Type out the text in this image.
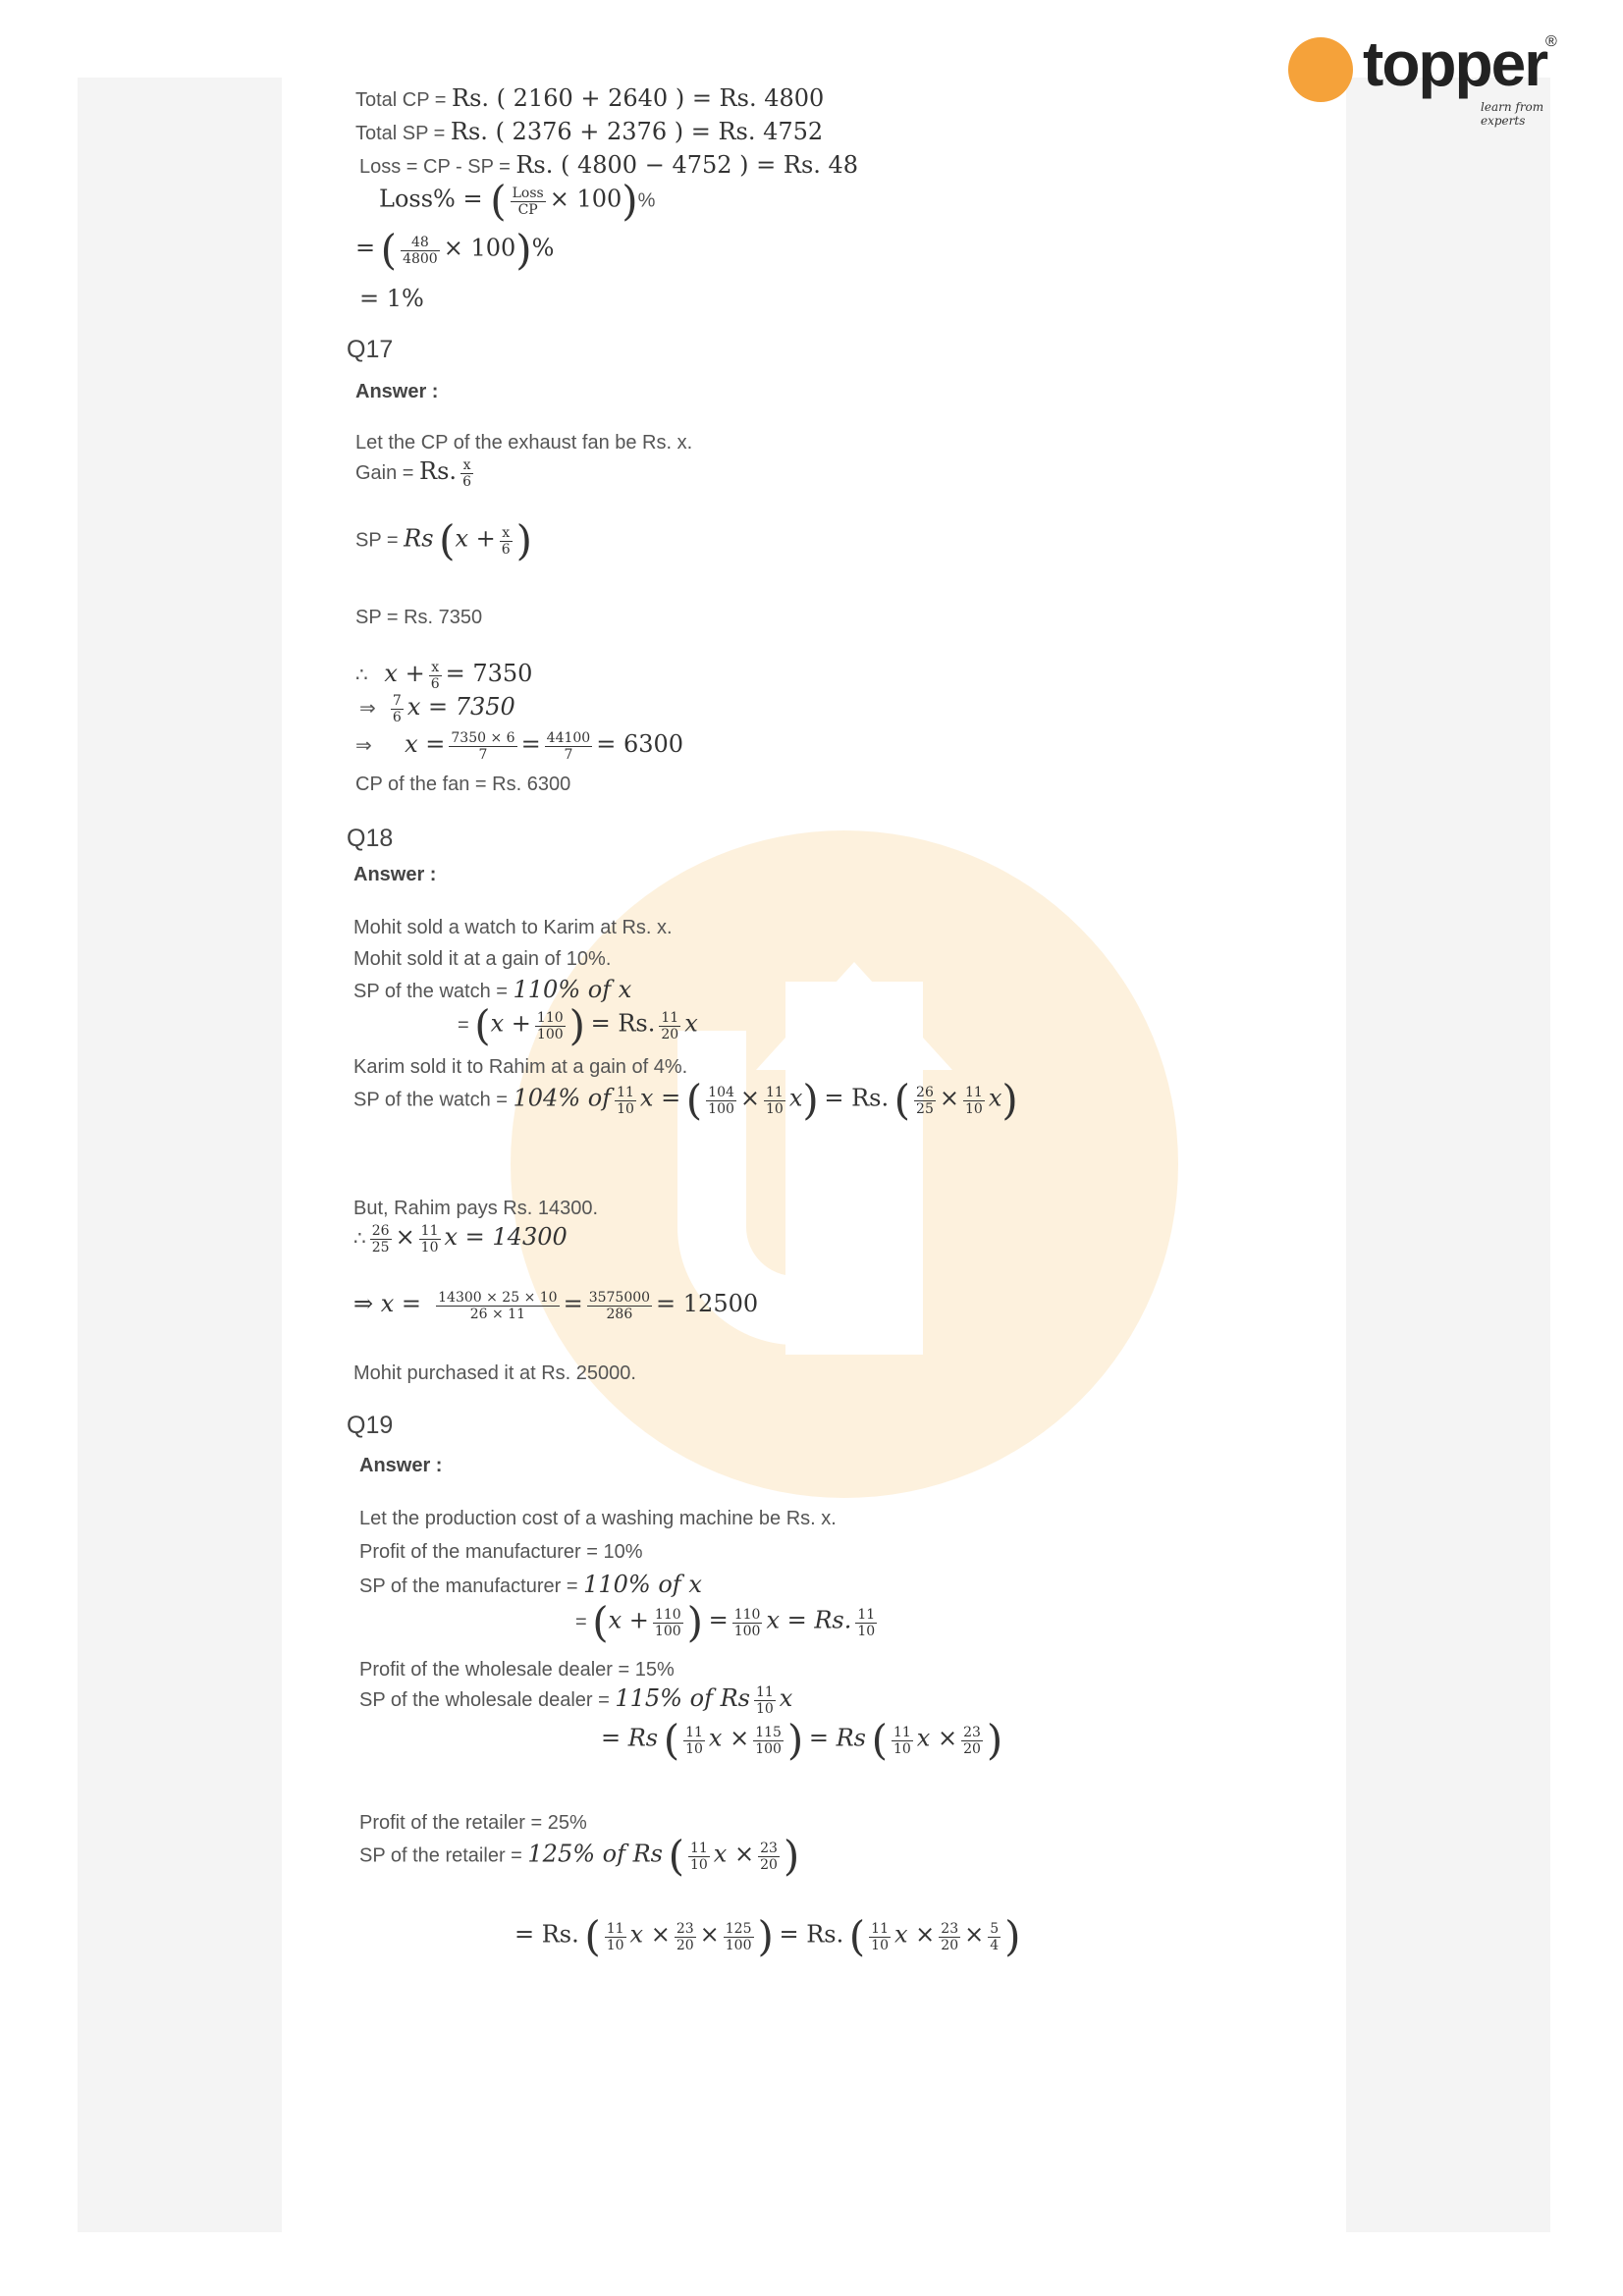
topper
®
learn from experts
Total CP = Rs. ( 2160 + 2640 ) = Rs. 4800
Total SP = Rs. ( 2376 + 2376 ) = Rs. 4752
Loss = CP - SP = Rs. ( 4800 − 4752 ) = Rs. 48
Loss% = ( $\frac{\text{Loss}}{CP} \times 100)\%$
= ( $\frac{48}{4800} \times 100)\%$
= 1%
Q17
Answer :
Let the CP of the exhaust fan be Rs. x.
Gain = Rs. $\frac{x}{6}$
SP = Rs ($x + \frac{x}{6}$ )
SP = Rs. 7350
∴ $x + \frac{x}{6} = 7350$
⇒ $\frac{7}{6}$ x = 7350
⇒ $x = \frac{7350 \times 6}{7} = \frac{44100}{7} = 6300$
CP of the fan = Rs. 6300
Q18
Answer :
Mohit sold a watch to Karim at Rs. x.
Mohit sold it at a gain of 10%.
SP of the watch = 110% of x
= ($x + \frac{110}{100}$ ) = Rs. $\frac{11}{20}$ x
Karim sold it to Rahim at a gain of 4%.
SP of the watch = 104% of $\frac{11}{10}$ x = ( $\frac{104}{100} \times \frac{11}{10} x) = Rs$. ( $\frac{26}{25} \times \frac{11}{10} x$)
But, Rahim pays Rs. 14300.
∴ $\frac{26}{25} \times \frac{11}{10}$ x = 14300
⇒ $x = \frac{14300 \times 25 \times 10}{26 \times 11} = \frac{3575000}{286} = 12500$
Mohit purchased it at Rs. 25000.
Q19
Answer :
Let the production cost of a washing machine be Rs. x.
Profit of the manufacturer = 10%
SP of the manufacturer = 110% of x
= ($x + \frac{110}{100}$ ) = $\frac{110}{100}$ x = Rs. $\frac{11}{10}$
Profit of the wholesale dealer = 15%
SP of the wholesale dealer = 115% of Rs $\frac{11}{10}$ x
= Rs ( $\frac{11}{10}$ $x \times \frac{115}{100}$ ) = Rs ( $\frac{11}{10}$ $x \times \frac{23}{20}$ )
Profit of the retailer = 25%
SP of the retailer = 125% of Rs ( $\frac{11}{10}$ $x \times \frac{23}{20}$ )
= Rs. ( $\frac{11}{10}$ $x \times \frac{23}{20} \times \frac{125}{100}$ ) = Rs. ( $\frac{11}{10}$ $x \times \frac{23}{20} \times \frac{5}{4}$ )
